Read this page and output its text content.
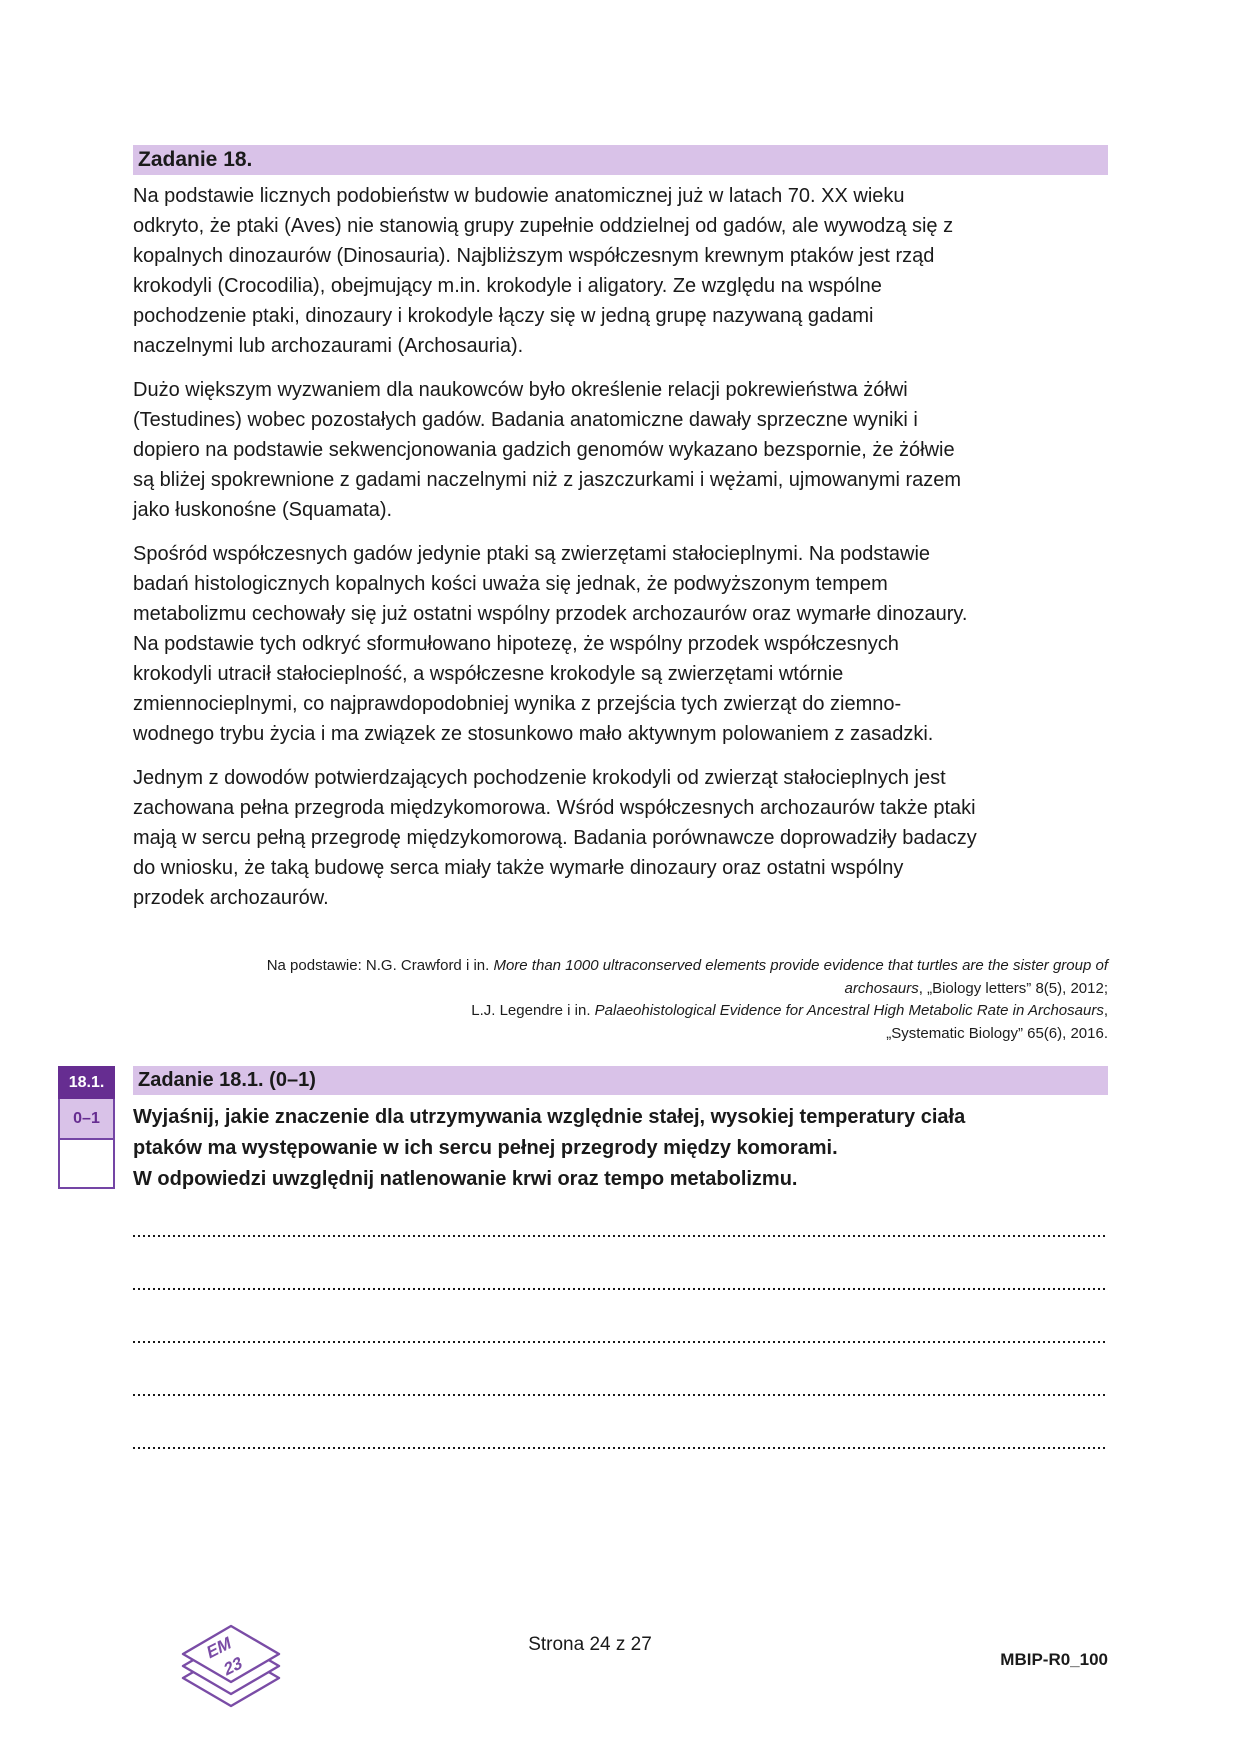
Zadanie 18.

Na podstawie licznych podobieństw w budowie anatomicznej już w latach 70. XX wieku odkryto, że ptaki (Aves) nie stanowią grupy zupełnie oddzielnej od gadów, ale wywodzą się z kopalnych dinozaurów (Dinosauria). Najbliższym współczesnym krewnym ptaków jest rząd krokodyli (Crocodilia), obejmujący m.in. krokodyle i aligatory. Ze względu na wspólne pochodzenie ptaki, dinozaury i krokodyle łączy się w jedną grupę nazywaną gadami naczelnymi lub archozaurami (Archosauria).

Dużo większym wyzwaniem dla naukowców było określenie relacji pokrewieństwa żółwi (Testudines) wobec pozostałych gadów. Badania anatomiczne dawały sprzeczne wyniki i dopiero na podstawie sekwencjonowania gadzich genomów wykazano bezspornie, że żółwie są bliżej spokrewnione z gadami naczelnymi niż z jaszczurkami i wężami, ujmowanymi razem jako łuskonośne (Squamata).

Spośród współczesnych gadów jedynie ptaki są zwierzętami stałocieplnymi. Na podstawie badań histologicznych kopalnych kości uważa się jednak, że podwyższonym tempem metabolizmu cechowały się już ostatni wspólny przodek archozaurów oraz wymarłe dinozaury. Na podstawie tych odkryć sformułowano hipotezę, że wspólny przodek współczesnych krokodyli utracił stałocieplność, a współczesne krokodyle są zwierzętami wtórnie zmiennocieplnymi, co najprawdopodobniej wynika z przejścia tych zwierząt do ziemno-wodnego trybu życia i ma związek ze stosunkowo mało aktywnym polowaniem z zasadzki.

Jednym z dowodów potwierdzających pochodzenie krokodyli od zwierząt stałocieplnych jest zachowana pełna przegroda międzykomorowa. Wśród współczesnych archozaurów także ptaki mają w sercu pełną przegrodę międzykomorową. Badania porównawcze doprowadziły badaczy do wniosku, że taką budowę serca miały także wymarłe dinozaury oraz ostatni wspólny przodek archozaurów.

Na podstawie: N.G. Crawford i in. More than 1000 ultraconserved elements provide evidence that turtles are the sister group of
archosaurs, „Biology letters” 8(5), 2012;
L.J. Legendre i in. Palaeohistological Evidence for Ancestral High Metabolic Rate in Archosaurs,
„Systematic Biology” 65(6), 2016.
18.1.
0–1
Zadanie 18.1. (0–1)
Wyjaśnij, jakie znaczenie dla utrzymywania względnie stałej, wysokiej temperatury ciała ptaków ma występowanie w ich sercu pełnej przegrody między komorami.
W odpowiedzi uwzględnij natlenowanie krwi oraz tempo metabolizmu.
EM
23
Strona 24 z 27
MBIP-R0_100
